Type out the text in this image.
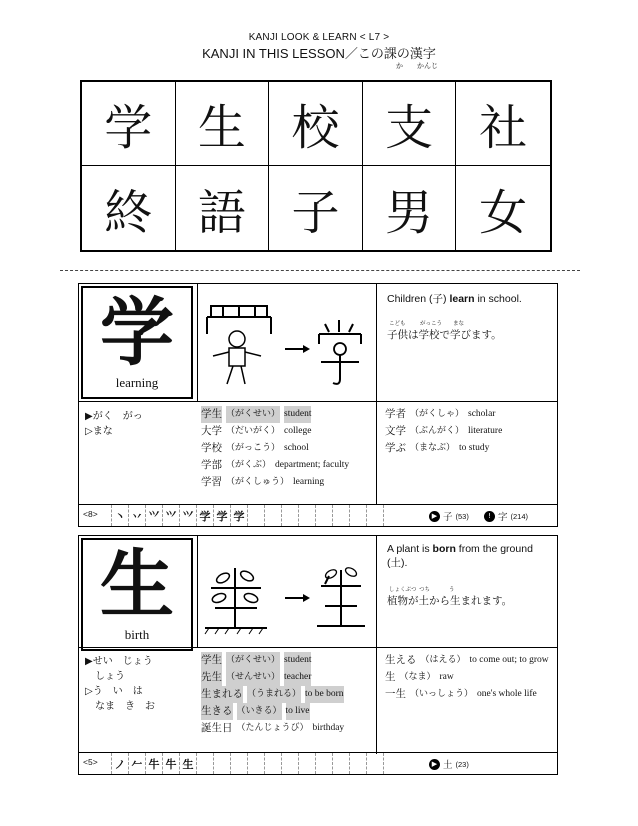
KANJI LOOK & LEARN < L7 >
KANJI IN THIS LESSON／この課の漢字
か かんじ
学 生 校 支 社
終 語 子 男 女
学
learning
Children (子) learn in school.
こども	がっこう まな
子供は学校で学びます。
▶がく　がっ
▷まな
学生 （がくせい） student
大学 （だいがく） college
学校 （がっこう） school
学部 （がくぶ） department; faculty
学習 （がくしゅう） learning
学者 （がくしゃ） scholar
文学 （ぶんがく） literature
学ぶ （まなぶ） to study
<8>	丶 丷 ⺍ ⺍ ⺍ 学 学 学	▶ 子 (53)	! 字 (214)
生
birth
A plant is born from the ground
(土).
しょくぶつ つち	う
植物が土から生まれます。
▶せい　じょう
　しょう
▷う　い　は
　なま　き　お
学生 （がくせい） student
先生 （せんせい） teacher
生まれる （うまれる） to be born
生きる （いきる） to live
誕生日 （たんじょうび） birthday
生える （はえる） to come out; to grow
生 （なま） raw
一生 （いっしょう） one's whole life
<5>	ノ 𠂉 牛 牛 生	▶ 土 (23)
